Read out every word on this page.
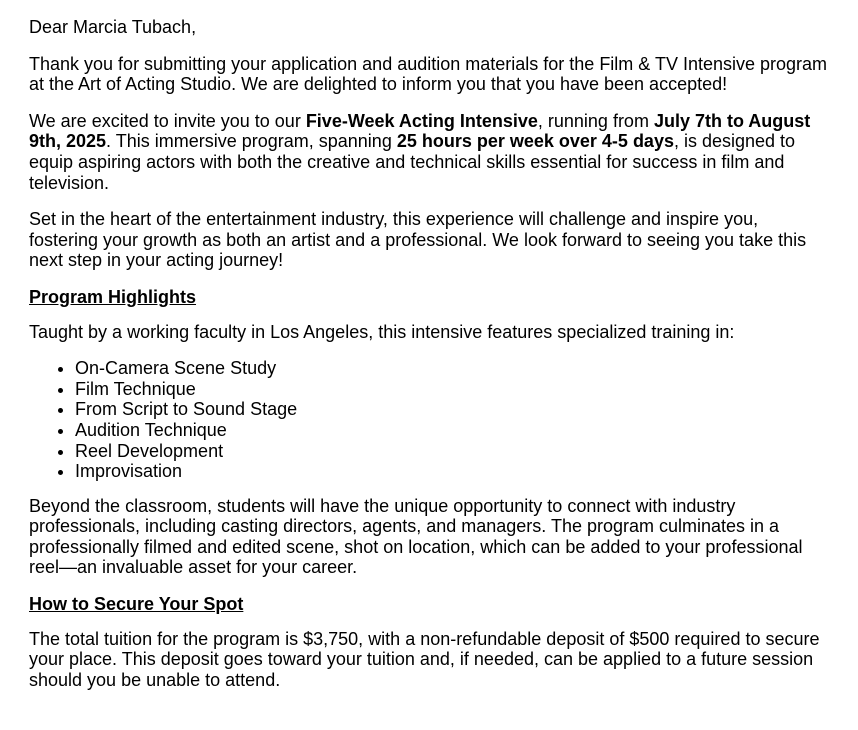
Dear Marcia Tubach,

Thank you for submitting your application and audition materials for the Film & TV Intensive program at the Art of Acting Studio. We are delighted to inform you that you have been accepted!

We are excited to invite you to our Five-Week Acting Intensive, running from July 7th to August 9th, 2025. This immersive program, spanning 25 hours per week over 4-5 days, is designed to equip aspiring actors with both the creative and technical skills essential for success in film and television.

Set in the heart of the entertainment industry, this experience will challenge and inspire you, fostering your growth as both an artist and a professional. We look forward to seeing you take this next step in your acting journey!

Program Highlights

Taught by a working faculty in Los Angeles, this intensive features specialized training in:

• On-Camera Scene Study
• Film Technique
• From Script to Sound Stage
• Audition Technique
• Reel Development
• Improvisation

Beyond the classroom, students will have the unique opportunity to connect with industry professionals, including casting directors, agents, and managers. The program culminates in a professionally filmed and edited scene, shot on location, which can be added to your professional reel—an invaluable asset for your career.

How to Secure Your Spot

The total tuition for the program is $3,750, with a non-refundable deposit of $500 required to secure your place. This deposit goes toward your tuition and, if needed, can be applied to a future session should you be unable to attend.
